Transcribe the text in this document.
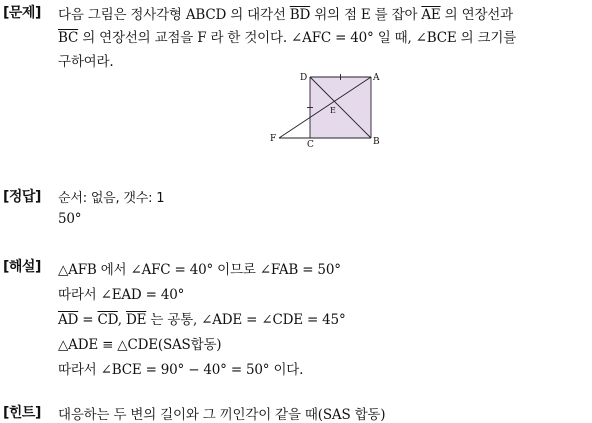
[문제] 다음 그림은 정사각형 ABCD 의 대각선 $\overline{BD}$ 위의 점 E 를 잡아 $\overline{AE}$ 의 연장선과
$\overline{BC}$ 의 연장선의 교점을 F 라 한 것이다. ∠AFC = 40° 일 때, ∠BCE 의 크기를
구하여라.
D	A
B
C
F
E
[정답] 순서: 없음, 갯수: 1
50°
[해설] △AFB 에서 ∠AFC = 40° 이므로 ∠FAB = 50°
따라서 ∠EAD = 40°
$\overline{AD} = \overline{CD}$, $\overline{DE}$ 는 공통, ∠ADE = ∠CDE = 45°
△ADE ≡ △CDE(SAS합동)
따라서 ∠BCE = 90° − 40° = 50° 이다.
[힌트] 대응하는 두 변의 길이와 그 끼인각이 같을 때(SAS 합동)
